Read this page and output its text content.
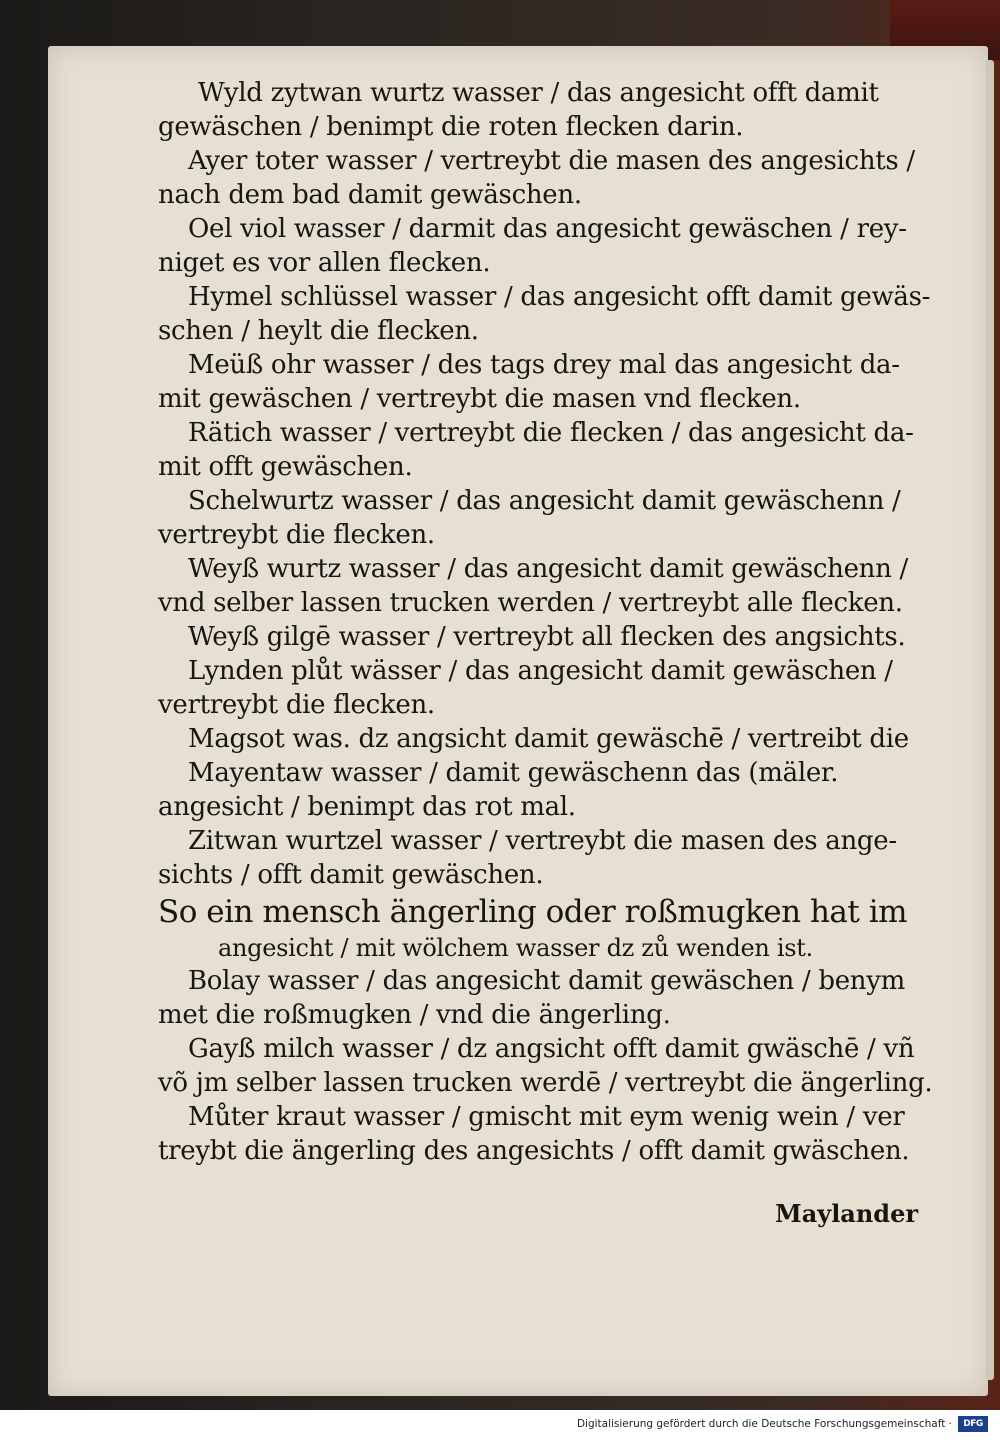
Wyld zytwan wurtz wasser / das angesicht offt damit
gewäschen / benimpt die roten flecken darin.
Ayer toter wasser / vertreybt die masen des angesichts /
nach dem bad damit gewäschen.
Oel viol wasser / darmit das angesicht gewäschen / rey-
niget es vor allen flecken.
Hymel schlüssel wasser / das angesicht offt damit gewäs-
schen / heylt die flecken.
Meüß ohr wasser / des tags drey mal das angesicht da-
mit gewäschen / vertreybt die masen vnd flecken.
Rätich wasser / vertreybt die flecken / das angesicht da-
mit offt gewäschen.
Schelwurtz wasser / das angesicht damit gewäschenn /
vertreybt die flecken.
Weyß wurtz wasser / das angesicht damit gewäschenn /
vnd selber lassen trucken werden / vertreybt alle flecken.
Weyß gilgē wasser / vertreybt all flecken des angsichts.
Lynden plůt wässer / das angesicht damit gewäschen /
vertreybt die flecken.
Magsot was. dz angsicht damit gewäschē / vertreibt die
Mayentaw wasser / damit gewäschenn das (mäler.
angesicht / benimpt das rot mal.
Zitwan wurtzel wasser / vertreybt die masen des ange-
sichts / offt damit gewäschen.
So ein mensch ängerling oder roßmugken hat im
angesicht / mit wölchem wasser dz zů wenden ist.
Bolay wasser / das angesicht damit gewäschen / benym
met die roßmugken / vnd die ängerling.
Gayß milch wasser / dz angsicht offt damit gwäschē / vñ
võ jm selber lassen trucken werdē / vertreybt die ängerling.
Můter kraut wasser / gmischt mit eym wenig wein / ver
treybt die ängerling des angesichts / offt damit gwäschen.
Maylander
Digitalisierung gefördert durch die Deutsche Forschungsgemeinschaft ·	DFG
